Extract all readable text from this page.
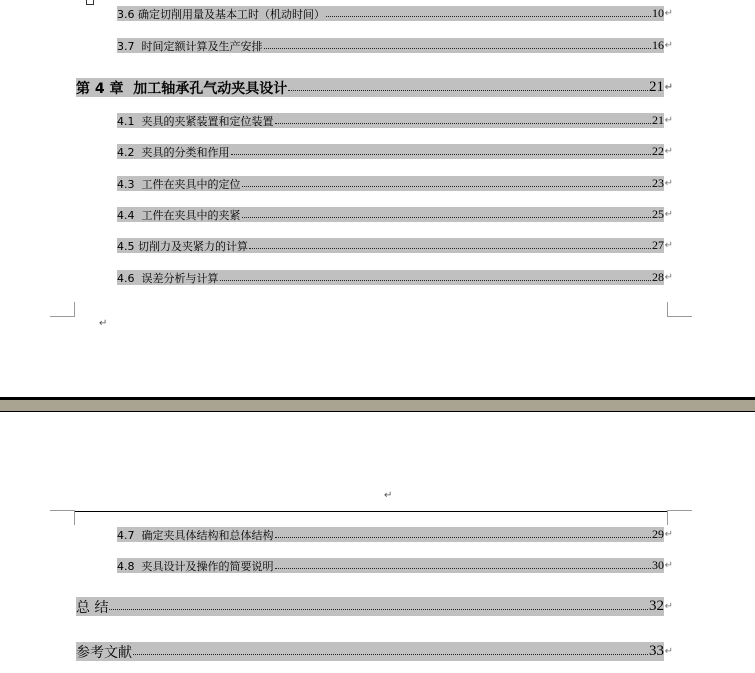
3.6 确定切削用量及基本工时（机动时间）	10 ↵
3.7 时间定额计算及生产安排	16 ↵
第 4 章 加工轴承孔气动夹具设计	21 ↵
4.1 夹具的夹紧装置和定位装置	21 ↵
4.2 夹具的分类和作用	22 ↵
4.3 工件在夹具中的定位	23 ↵
4.4 工件在夹具中的夹紧	25 ↵
4.5 切削力及夹紧力的计算	27 ↵
4.6 误差分析与计算	28 ↵
↵
↵
4.7 确定夹具体结构和总体结构	29 ↵
4.8 夹具设计及操作的简要说明	30 ↵
总 结	32 ↵
参考文献	33 ↵
